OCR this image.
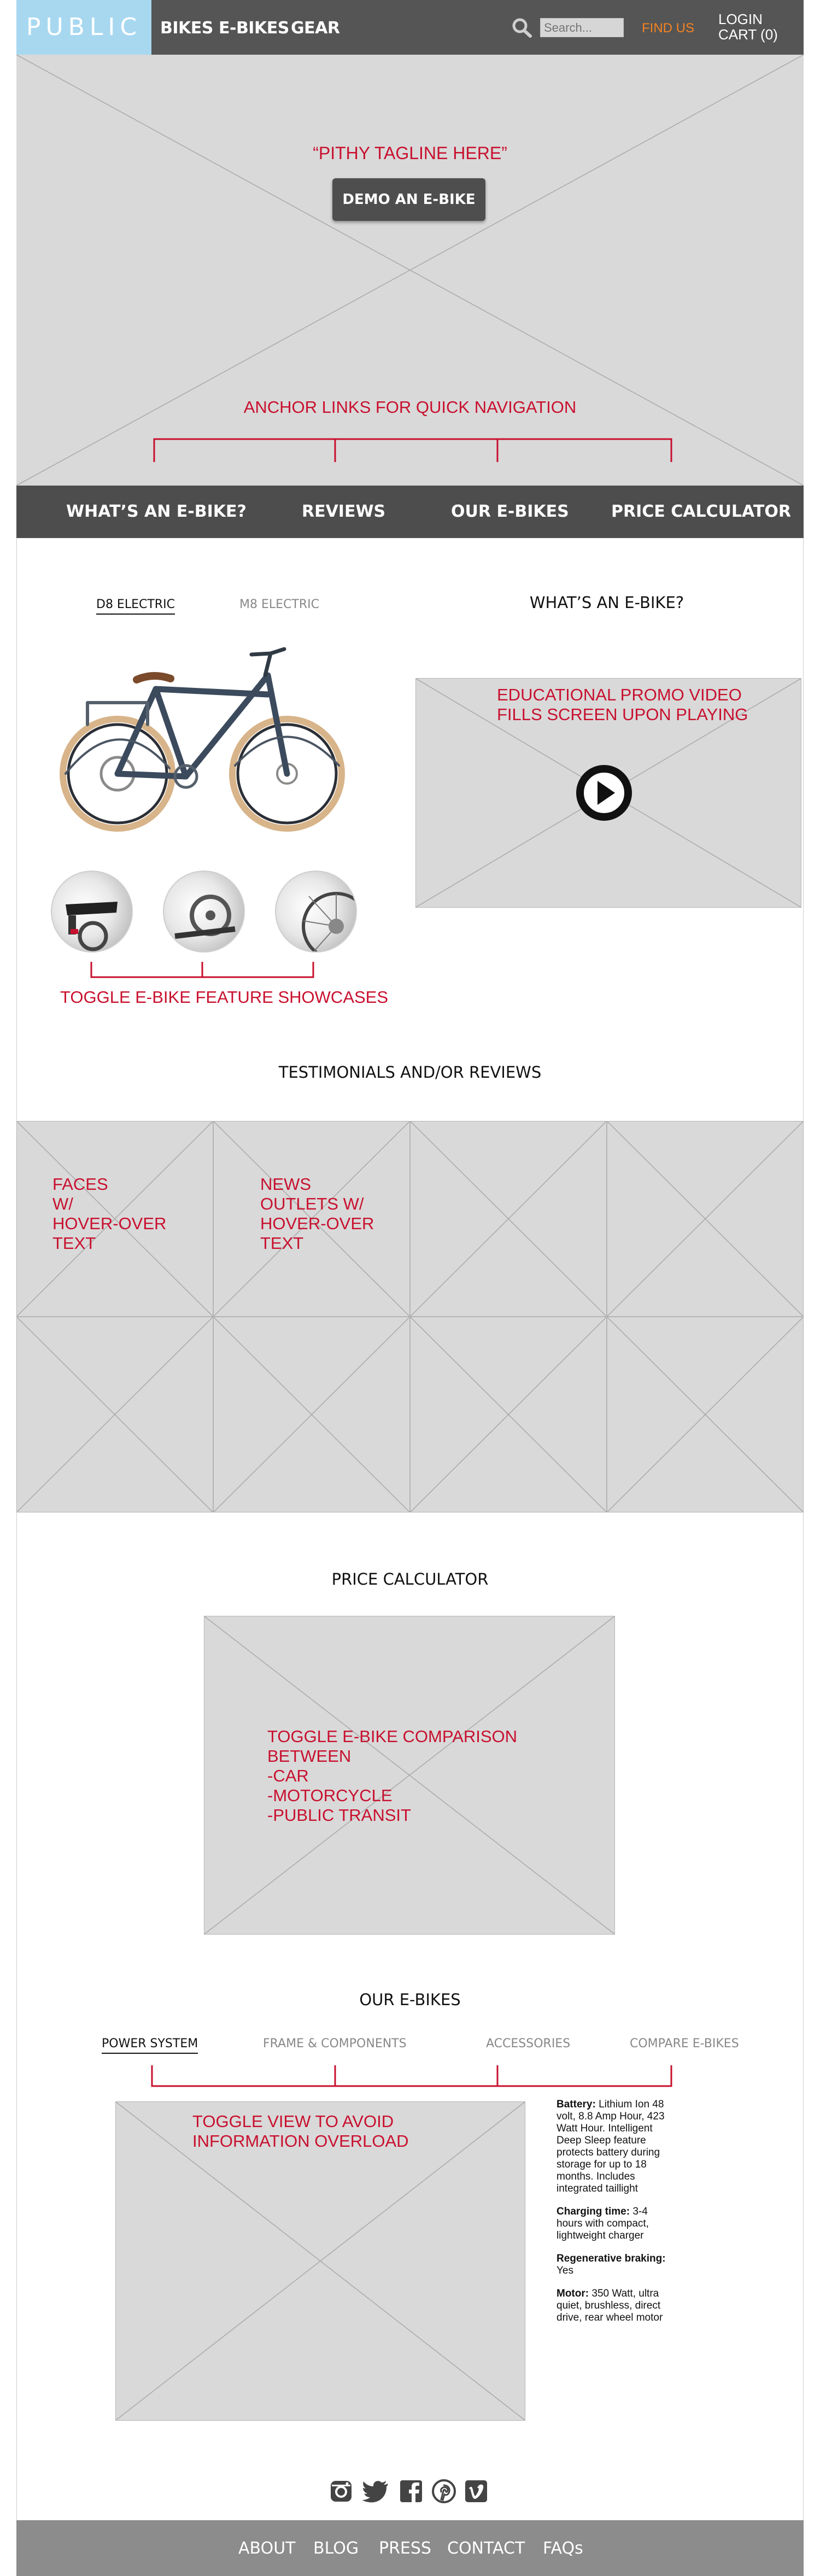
PUBLIC	BIKES E-BIKES GEAR
Search...	FIND US
LOGIN
CART (0)
“PITHY TAGLINE HERE”
DEMO AN E-BIKE
ANCHOR LINKS FOR QUICK NAVIGATION
WHAT’S AN E-BIKE?	REVIEWS	OUR E-BIKES	PRICE CALCULATOR
D8 ELECTRIC	M8 ELECTRIC	WHAT’S AN E-BIKE?
EDUCATIONAL PROMO VIDEO
FILLS SCREEN UPON PLAYING
TOGGLE E-BIKE FEATURE SHOWCASES
TESTIMONIALS AND/OR REVIEWS
FACES
W/
HOVER-OVER
TEXT
NEWS
OUTLETS W/
HOVER-OVER
TEXT
PRICE CALCULATOR
TOGGLE E-BIKE COMPARISON
BETWEEN
-CAR
-MOTORCYCLE
-PUBLIC TRANSIT
OUR E-BIKES
POWER SYSTEM	FRAME & COMPONENTS	ACCESSORIES	COMPARE E-BIKES
TOGGLE VIEW TO AVOID
INFORMATION OVERLOAD

Battery: Lithium Ion 48 volt, 8.8 Amp Hour, 423 Watt Hour. Intelligent Deep Sleep feature protects battery during storage for up to 18 months. Includes integrated taillight

Charging time: 3-4 hours with compact, lightweight charger

Regenerative braking: Yes

Motor: 350 Watt, ultra quiet, brushless, direct drive, rear wheel motor

ABOUT BLOG PRESS CONTACT FAQs
